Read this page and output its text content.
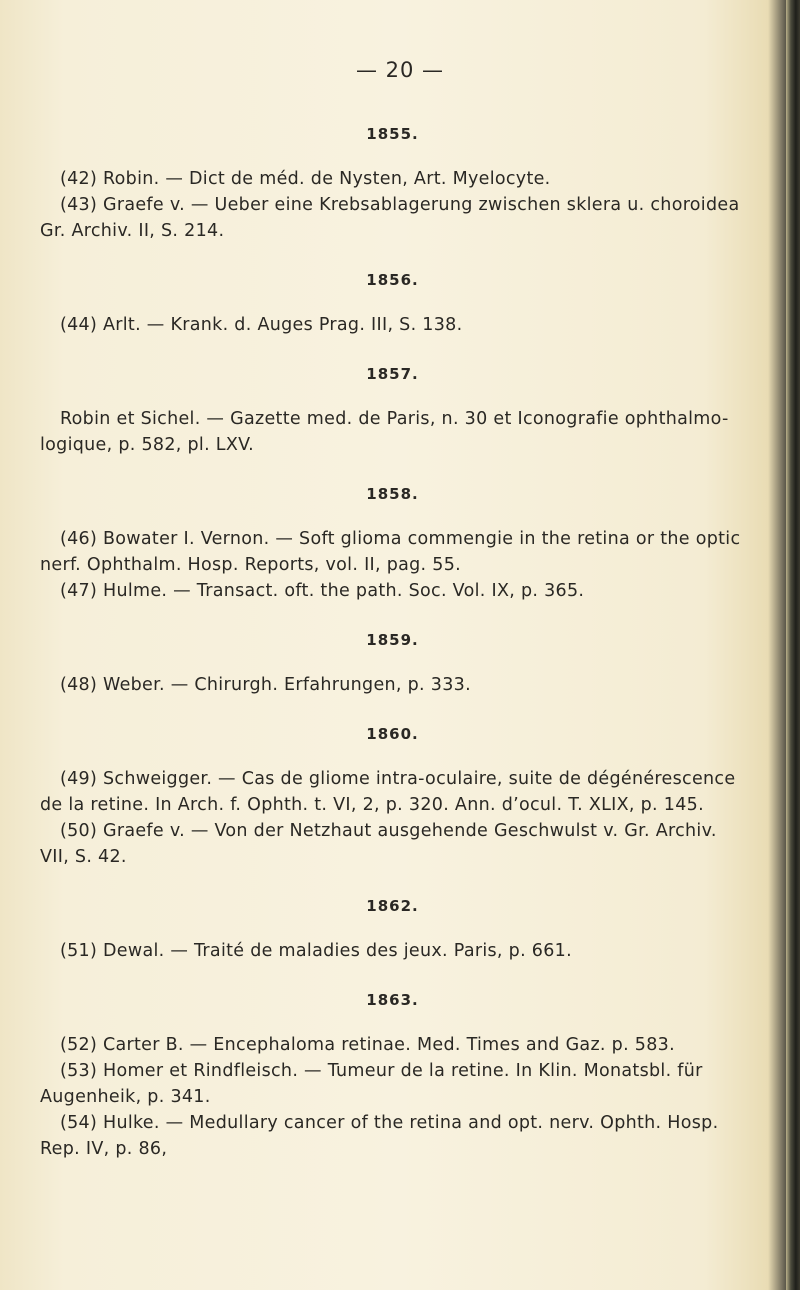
— 20 —

1855.

(42) Robin. — Dict de méd. de Nysten, Art. Myelocyte.

(43) Graefe v. — Ueber eine Krebsablagerung zwischen sklera u. choroidea Gr. Archiv. II, S. 214.

1856.

(44) Arlt. — Krank. d. Auges Prag. III, S. 138.

1857.

Robin et Sichel. — Gazette med. de Paris, n. 30 et Iconografie ophthalmo-logique, p. 582, pl. LXV.

1858.

(46) Bowater I. Vernon. — Soft glioma commengie in the retina or the optic nerf. Ophthalm. Hosp. Reports, vol. II, pag. 55.

(47) Hulme. — Transact. oft. the path. Soc. Vol. IX, p. 365.

1859.

(48) Weber. — Chirurgh. Erfahrungen, p. 333.

1860.

(49) Schweigger. — Cas de gliome intra-oculaire, suite de dégénérescence de la retine. In Arch. f. Ophth. t. VI, 2, p. 320. Ann. d’ocul. T. XLIX, p. 145.

(50) Graefe v. — Von der Netzhaut ausgehende Geschwulst v. Gr. Archiv. VII, S. 42.

1862.

(51) Dewal. — Traité de maladies des jeux. Paris, p. 661.

1863.

(52) Carter B. — Encephaloma retinae. Med. Times and Gaz. p. 583.

(53) Homer et Rindfleisch. — Tumeur de la retine. In Klin. Monatsbl. für Augenheik, p. 341.

(54) Hulke. — Medullary cancer of the retina and opt. nerv. Ophth. Hosp. Rep. IV, p. 86,
